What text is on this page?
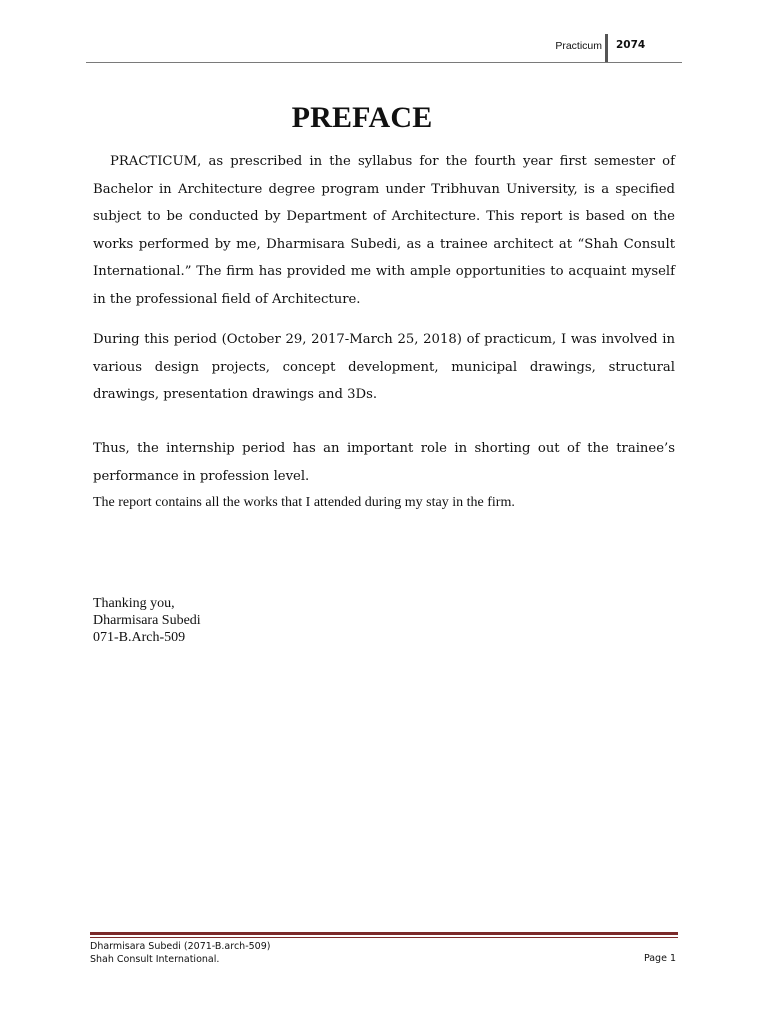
Practicum 2074
PREFACE
PRACTICUM, as prescribed in the syllabus for the fourth year first semester of Bachelor in Architecture degree program under Tribhuvan University, is a specified subject to be conducted by Department of Architecture. This report is based on the works performed by me, Dharmisara Subedi, as a trainee architect at “Shah Consult International.” The firm has provided me with ample opportunities to acquaint myself in the professional field of Architecture.
During this period (October 29, 2017-March 25, 2018) of practicum, I was involved in various design projects, concept development, municipal drawings, structural drawings, presentation drawings and 3Ds.
Thus, the internship period has an important role in shorting out of the trainee’s performance in profession level.
The report contains all the works that I attended during my stay in the firm.
Thanking you,
Dharmisara Subedi
071-B.Arch-509
Dharmisara Subedi (2071-B.arch-509)
Shah Consult International.	Page 1
